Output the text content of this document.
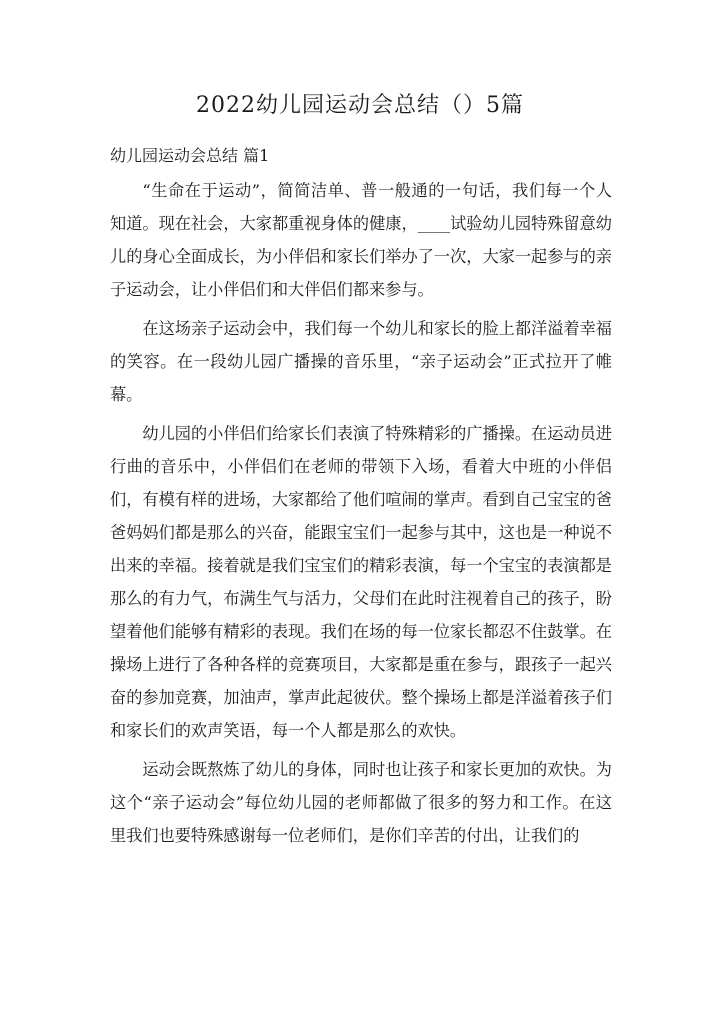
2022幼儿园运动会总结（）5篇
幼儿园运动会总结 篇1

“生命在于运动”，简简洁单、普一般通的一句话，我们每一个人知道。现在社会，大家都重视身体的健康，____试验幼儿园特殊留意幼儿的身心全面成长，为小伴侣和家长们举办了一次，大家一起参与的亲子运动会，让小伴侣们和大伴侣们都来参与。

在这场亲子运动会中，我们每一个幼儿和家长的脸上都洋溢着幸福的笑容。在一段幼儿园广播操的音乐里，“亲子运动会”正式拉开了帷幕。

幼儿园的小伴侣们给家长们表演了特殊精彩的广播操。在运动员进行曲的音乐中，小伴侣们在老师的带领下入场，看着大中班的小伴侣们，有模有样的进场，大家都给了他们喧闹的掌声。看到自己宝宝的爸爸妈妈们都是那么的兴奋，能跟宝宝们一起参与其中，这也是一种说不出来的幸福。接着就是我们宝宝们的精彩表演，每一个宝宝的表演都是那么的有力气，布满生气与活力，父母们在此时注视着自己的孩子，盼望着他们能够有精彩的表现。我们在场的每一位家长都忍不住鼓掌。在操场上进行了各种各样的竞赛项目，大家都是重在参与，跟孩子一起兴奋的参加竞赛，加油声，掌声此起彼伏。整个操场上都是洋溢着孩子们和家长们的欢声笑语，每一个人都是那么的欢快。

运动会既熬炼了幼儿的身体，同时也让孩子和家长更加的欢快。为这个“亲子运动会”每位幼儿园的老师都做了很多的努力和工作。在这里我们也要特殊感谢每一位老师们，是你们辛苦的付出，让我们的
